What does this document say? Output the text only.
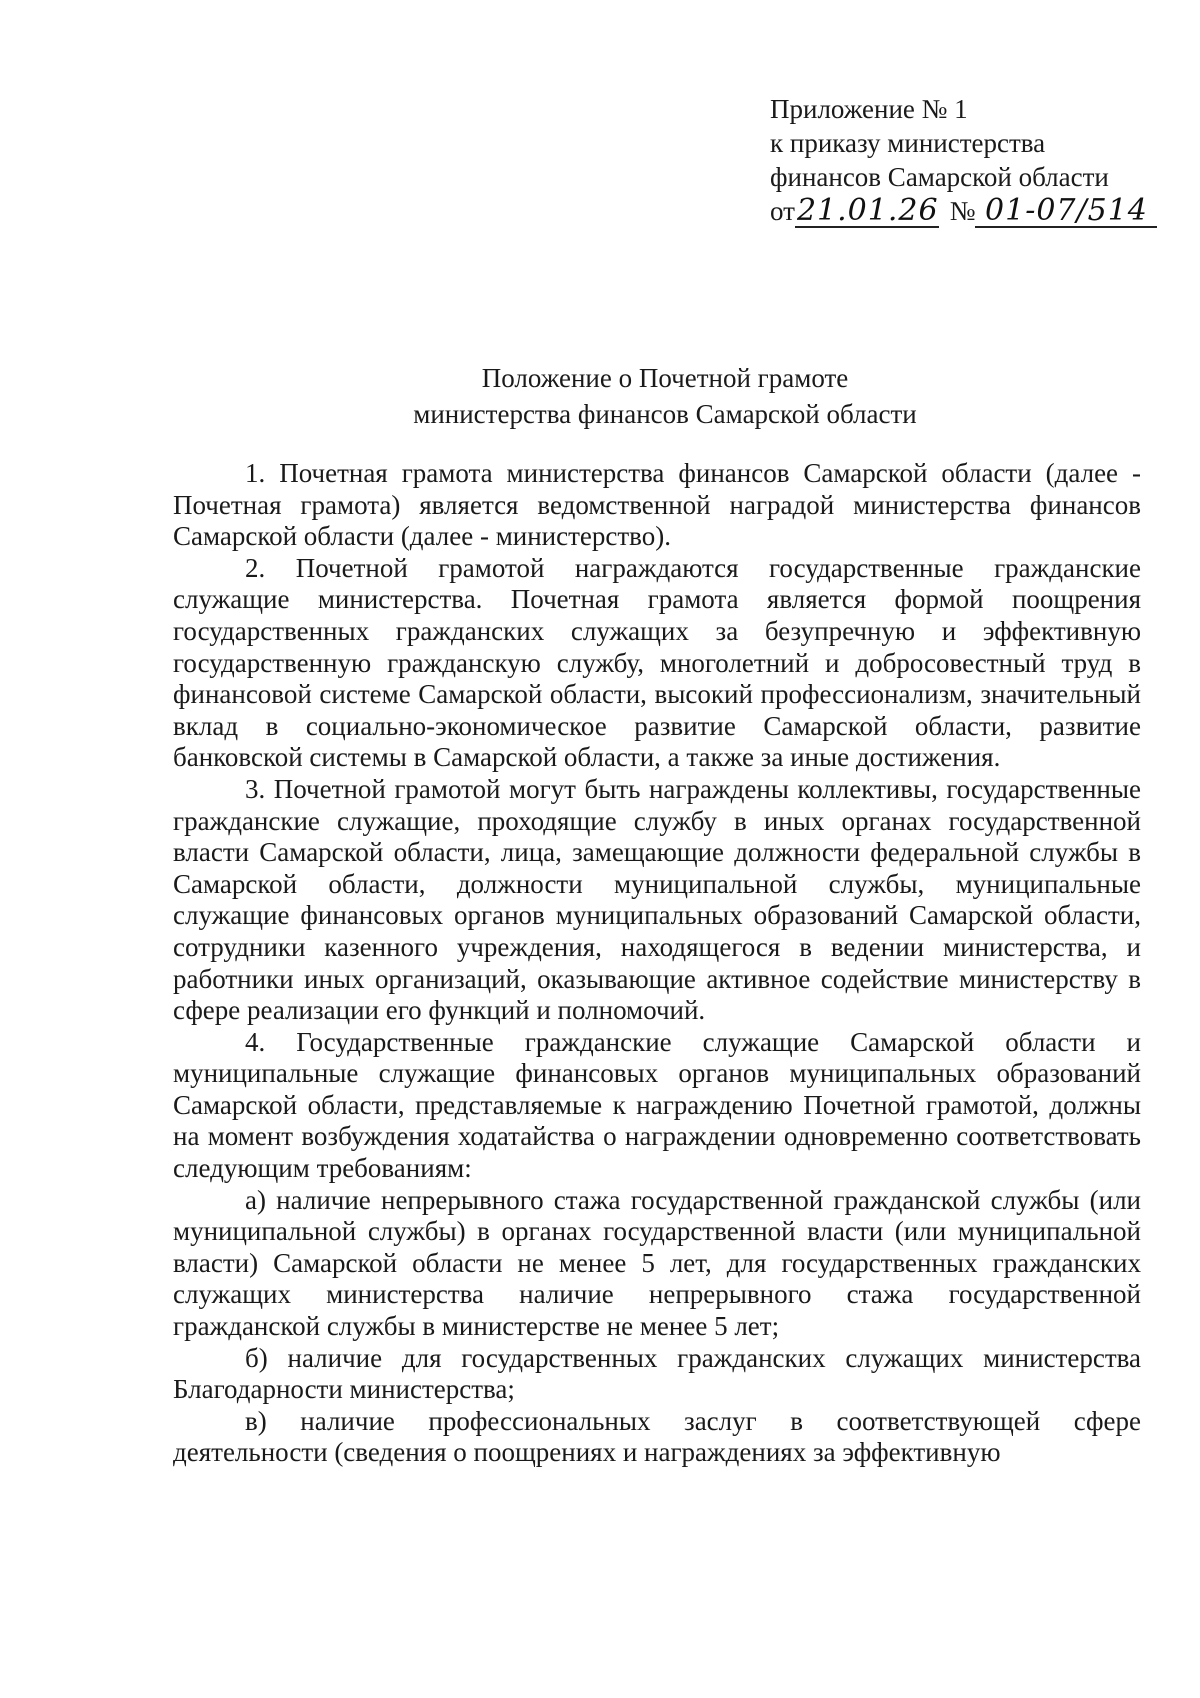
Приложение № 1
к приказу министерства
финансов Самарской области
от21.01.26 № 01-07/514
Положение о Почетной грамоте
министерства финансов Самарской области

1. Почетная грамота министерства финансов Самарской области (далее - Почетная грамота) является ведомственной наградой министерства финансов Самарской области (далее - министерство).

2. Почетной грамотой награждаются государственные гражданские служащие министерства. Почетная грамота является формой поощрения государственных гражданских служащих за безупречную и эффективную государственную гражданскую службу, многолетний и добросовестный труд в финансовой системе Самарской области, высокий профессионализм, значительный вклад в социально-экономическое развитие Самарской области, развитие банковской системы в Самарской области, а также за иные достижения.

3. Почетной грамотой могут быть награждены коллективы, государственные гражданские служащие, проходящие службу в иных органах государственной власти Самарской области, лица, замещающие должности федеральной службы в Самарской области, должности муниципальной службы, муниципальные служащие финансовых органов муниципальных образований Самарской области, сотрудники казенного учреждения, находящегося в ведении министерства, и работники иных организаций, оказывающие активное содействие министерству в сфере реализации его функций и полномочий.

4. Государственные гражданские служащие Самарской области и муниципальные служащие финансовых органов муниципальных образований Самарской области, представляемые к награждению Почетной грамотой, должны на момент возбуждения ходатайства о награждении одновременно соответствовать следующим требованиям:

а) наличие непрерывного стажа государственной гражданской службы (или муниципальной службы) в органах государственной власти (или муниципальной власти) Самарской области не менее 5 лет, для государственных гражданских служащих министерства наличие непрерывного стажа государственной гражданской службы в министерстве не менее 5 лет;

б) наличие для государственных гражданских служащих министерства Благодарности министерства;

в) наличие профессиональных заслуг в соответствующей сфере деятельности (сведения о поощрениях и награждениях за эффективную
